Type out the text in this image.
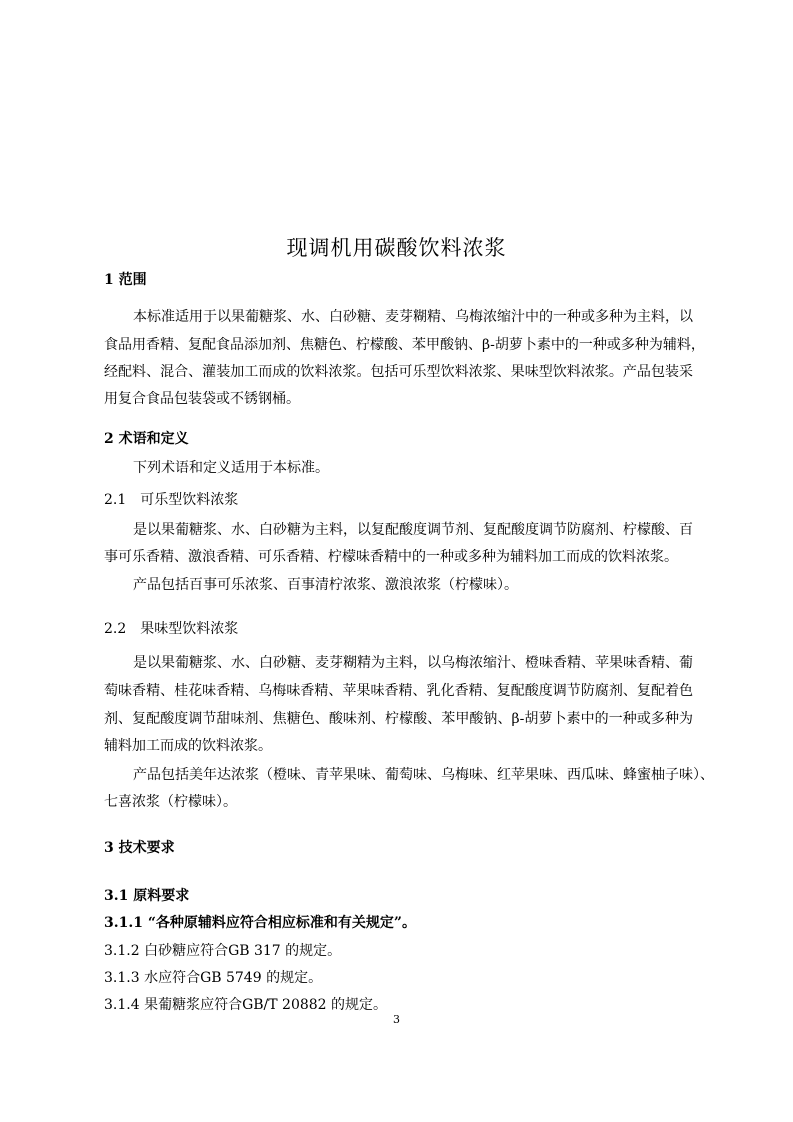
现调机用碳酸饮料浓浆
1 范围
本标准适用于以果葡糖浆、水、白砂糖、麦芽糊精、乌梅浓缩汁中的一种或多种为主料，以
食品用香精、复配食品添加剂、焦糖色、柠檬酸、苯甲酸钠、β-胡萝卜素中的一种或多种为辅料，
经配料、混合、灌装加工而成的饮料浓浆。包括可乐型饮料浓浆、果味型饮料浓浆。产品包装采
用复合食品包装袋或不锈钢桶。
2 术语和定义
下列术语和定义适用于本标准。
2.1　可乐型饮料浓浆
是以果葡糖浆、水、白砂糖为主料，以复配酸度调节剂、复配酸度调节防腐剂、柠檬酸、百
事可乐香精、激浪香精、可乐香精、柠檬味香精中的一种或多种为辅料加工而成的饮料浓浆。
产品包括百事可乐浓浆、百事清柠浓浆、激浪浓浆（柠檬味）。
2.2　果味型饮料浓浆
是以果葡糖浆、水、白砂糖、麦芽糊精为主料，以乌梅浓缩汁、橙味香精、苹果味香精、葡
萄味香精、桂花味香精、乌梅味香精、苹果味香精、乳化香精、复配酸度调节防腐剂、复配着色
剂、复配酸度调节甜味剂、焦糖色、酸味剂、柠檬酸、苯甲酸钠、β-胡萝卜素中的一种或多种为
辅料加工而成的饮料浓浆。
产品包括美年达浓浆（橙味、青苹果味、葡萄味、乌梅味、红苹果味、西瓜味、蜂蜜柚子味）、
七喜浓浆（柠檬味）。
3 技术要求
3.1 原料要求
3.1.1 “各种原辅料应符合相应标准和有关规定”。
3.1.2 白砂糖应符合GB 317 的规定。
3.1.3 水应符合GB 5749 的规定。
3.1.4 果葡糖浆应符合GB/T 20882 的规定。
3
